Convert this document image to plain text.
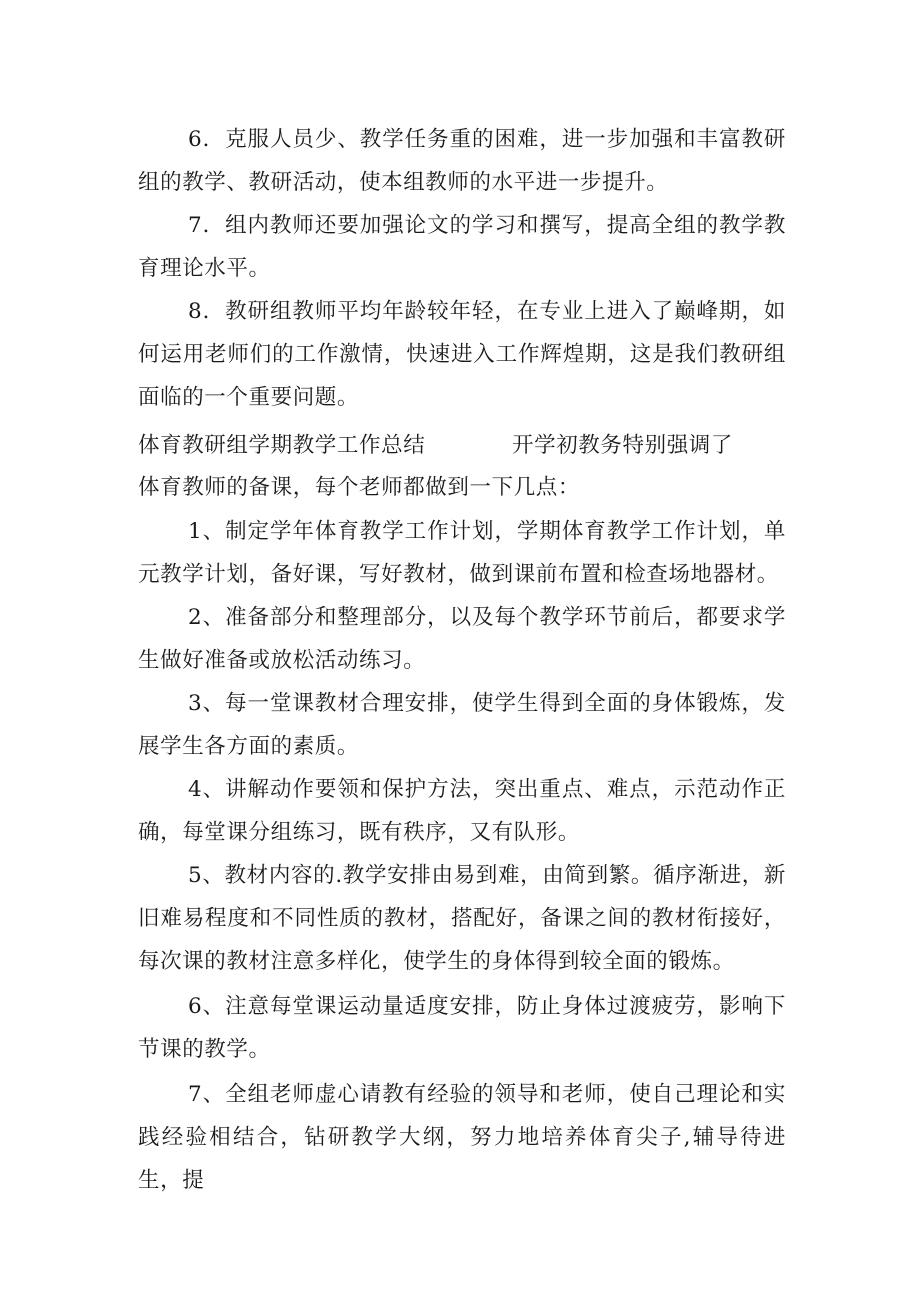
6．克服人员少、教学任务重的困难，进一步加强和丰富教研组的教学、教研活动，使本组教师的水平进一步提升。

7．组内教师还要加强论文的学习和撰写，提高全组的教学教育理论水平。

8．教研组教师平均年龄较年轻，在专业上进入了巅峰期，如何运用老师们的工作激情，快速进入工作辉煌期，这是我们教研组面临的一个重要问题。

体育教研组学期教学工作总结	开学初教务特别强调了

体育教师的备课，每个老师都做到一下几点：

1、制定学年体育教学工作计划，学期体育教学工作计划，单元教学计划，备好课，写好教材，做到课前布置和检查场地器材。

2、准备部分和整理部分，以及每个教学环节前后，都要求学生做好准备或放松活动练习。

3、每一堂课教材合理安排，使学生得到全面的身体锻炼，发展学生各方面的素质。

4、讲解动作要领和保护方法，突出重点、难点，示范动作正确，每堂课分组练习，既有秩序，又有队形。

5、教材内容的.教学安排由易到难，由简到繁。循序渐进，新旧难易程度和不同性质的教材，搭配好，备课之间的教材衔接好，每次课的教材注意多样化，使学生的身体得到较全面的锻炼。

6、注意每堂课运动量适度安排，防止身体过渡疲劳，影响下节课的教学。

7、全组老师虚心请教有经验的领导和老师，使自己理论和实践经验相结合，钻研教学大纲，努力地培养体育尖子,辅导待进生，提
